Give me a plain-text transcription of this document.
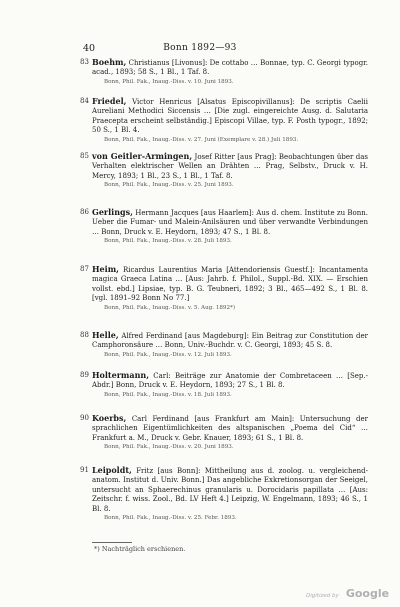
40	Bonn 1892—93
83 Boehm, Christianus [Livonus]: De cottabo … Bonnae, typ. C. Georgi typogr. acad., 1893; 58 S., 1 Bl., 1 Taf. 8.
Bonn, Phil. Fak., Inaug.-Diss. v. 10. Juni 1893.
84 Friedel, Victor Henricus [Alsatus Episcopivillanus]: De scriptis Caelii Aureliani Methodici Siccensis … [Die zugl. eingereichte Ausg. d. Salutaria Praecepta erscheint selbständig.] Episcopi Villae, typ. F. Posth typogr., 1892; 50 S., 1 Bl. 4.
Bonn, Phil. Fak., Inaug.-Diss. v. 27. Juni (Exemplare v. 28.) Juli 1893.
85 von Geitler-Armingen, Josef Ritter [aus Prag]: Beobachtungen über das Verhalten elektrischer Wellen an Drähten … Prag, Selbstv., Druck v. H. Mercy, 1893; 1 Bl., 23 S., 1 Bl., 1 Taf. 8.
Bonn, Phil. Fak., Inaug.-Diss. v. 25. Juni 1893.
86 Gerlings, Hermann Jacques [aus Haarlem]: Aus d. chem. Institute zu Bonn. Ueber die Fumar- und Malein-Anilsäuren und über verwandte Verbindungen … Bonn, Druck v. E. Heydorn, 1893; 47 S., 1 Bl. 8.
Bonn, Phil. Fak., Inaug.-Diss. v. 28. Juli 1893.
87 Heim, Ricardus Laurentius Maria [Attendoriensis Guestf.]: Incantamenta magica Graeca Latina … [Aus: Jahrb. f. Philol., Suppl.-Bd. XIX. — Erschien vollst. ebd.] Lipsiae, typ. B. G. Teubneri, 1892; 3 Bl., 465—492 S., 1 Bl. 8. [vgl. 1891–92 Bonn No 77.]
Bonn, Phil. Fak., Inaug.-Diss. v. 5. Aug. 1892*)
88 Helle, Alfred Ferdinand [aus Magdeburg]: Ein Beitrag zur Constitution der Camphoronsäure … Bonn, Univ.-Buchdr. v. C. Georgi, 1893; 45 S. 8.
Bonn, Phil. Fak., Inaug.-Diss. v. 12. Juli 1893.
89 Holtermann, Carl: Beiträge zur Anatomie der Combretaceen … [Sep.-Abdr.] Bonn, Druck v. E. Heydorn, 1893; 27 S., 1 Bl. 8.
Bonn, Phil. Fak., Inaug.-Diss. v. 18. Juli 1893.
90 Koerbs, Carl Ferdinand [aus Frankfurt am Main]: Untersuchung der sprachlichen Eigentümlichkeiten des altspanischen „Poema del Cid“ … Frankfurt a. M., Druck v. Gebr. Knauer, 1893; 61 S., 1 Bl. 8.
Bonn, Phil. Fak., Inaug.-Diss. v. 20. Juni 1893.
91 Leipoldt, Fritz [aus Bonn]: Mittheilung aus d. zoolog. u. vergleichend-anatom. Institut d. Univ. Bonn.] Das angebliche Exkretionsorgan der Seeigel, untersucht an Sphaerechinus granularis u. Dorocidaris papillata … [Aus: Zeitschr. f. wiss. Zool., Bd. LV Heft 4.] Leipzig, W. Engelmann, 1893; 46 S., 1 Bl. 8.
Bonn, Phil. Fak., Inaug.-Diss. v. 25. Febr. 1893.
*) Nachträglich erschienen.
Digitized by Google
